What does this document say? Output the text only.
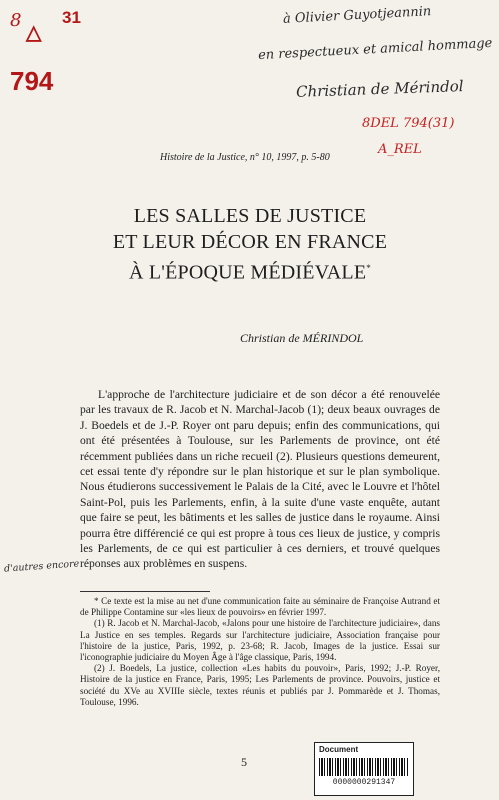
8
△
31
794
à Olivier Guyotjeannin
en respectueux et amical hommage
Christian de Mérindol
8DEL 794(31)
A_REL
Histoire de la Justice, n° 10, 1997, p. 5-80
LES SALLES DE JUSTICE
ET LEUR DÉCOR EN FRANCE
À L'ÉPOQUE MÉDIÉVALE*
Christian de MÉRINDOL

L'approche de l'architecture judiciaire et de son décor a été renouvelée par les travaux de R. Jacob et N. Marchal-Jacob (1); deux beaux ouvrages de J. Boedels et de J.-P. Royer ont paru depuis; enfin des communications, qui ont été présentées à Toulouse, sur les Parlements de province, ont été récemment publiées dans un riche recueil (2). Plusieurs questions demeurent, cet essai tente d'y répondre sur le plan historique et sur le plan symbolique. Nous étudierons successivement le Palais de la Cité, avec le Louvre et l'hôtel Saint-Pol, puis les Parlements, enfin, à la suite d'une vaste enquête, autant que faire se peut, les bâtiments et les salles de justice dans le royaume. Ainsi pourra être différencié ce qui est propre à tous ces lieux de justice, y compris les Parlements, de ce qui est particulier à ces derniers, et trouvé quelques réponses aux problèmes en suspens.

d'autres encore

* Ce texte est la mise au net d'une communication faite au séminaire de Françoise Autrand et de Philippe Contamine sur «les lieux de pouvoirs» en février 1997.

(1) R. Jacob et N. Marchal-Jacob, «Jalons pour une histoire de l'architecture judiciaire», dans La Justice en ses temples. Regards sur l'architecture judiciaire, Association française pour l'histoire de la justice, Paris, 1992, p. 23-68; R. Jacob, Images de la justice. Essai sur l'iconographie judiciaire du Moyen Âge à l'âge classique, Paris, 1994.

(2) J. Boedels, La justice, collection «Les habits du pouvoir», Paris, 1992; J.-P. Royer, Histoire de la justice en France, Paris, 1995; Les Parlements de province. Pouvoirs, justice et société du XVe au XVIIIe siècle, textes réunis et publiés par J. Pommarède et J. Thomas, Toulouse, 1996.

5
Document
0000000291347
